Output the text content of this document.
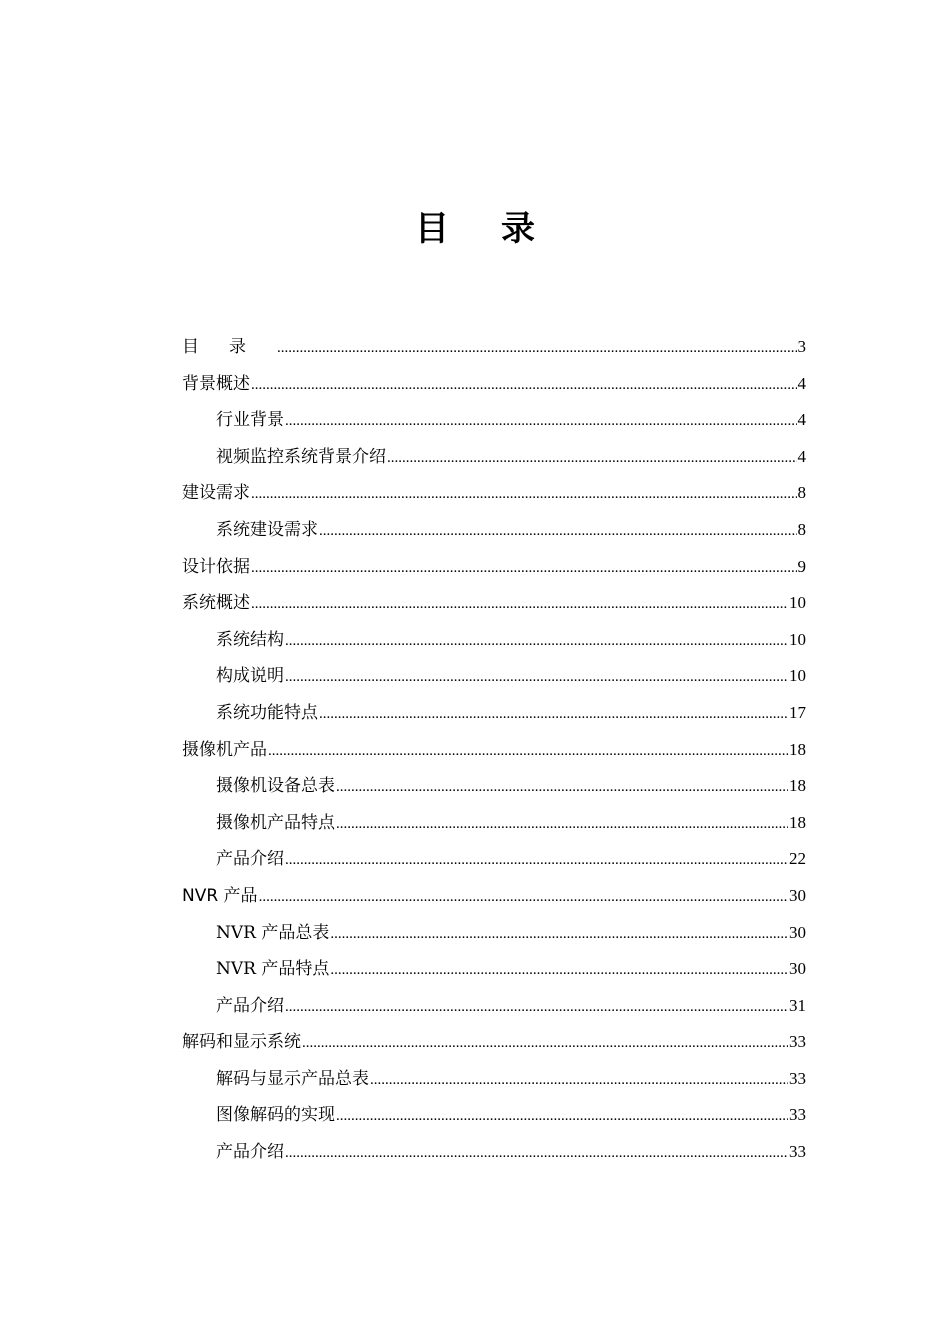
目录
目录 .....	3
背景概述 .....	4
行业背景 .....	4
视频监控系统背景介绍 .....	4
建设需求 .....	8
系统建设需求 .....	8
设计依据 .....	9
系统概述 .....	10
系统结构 .....	10
构成说明 .....	10
系统功能特点 .....	17
摄像机产品 .....	18
摄像机设备总表 .....	18
摄像机产品特点 .....	18
产品介绍 .....	22
NVR 产品 .....	30
NVR 产品总表 .....	30
NVR 产品特点 .....	30
产品介绍 .....	31
解码和显示系统 .....	33
解码与显示产品总表 .....	33
图像解码的实现 .....	33
产品介绍 .....	33
